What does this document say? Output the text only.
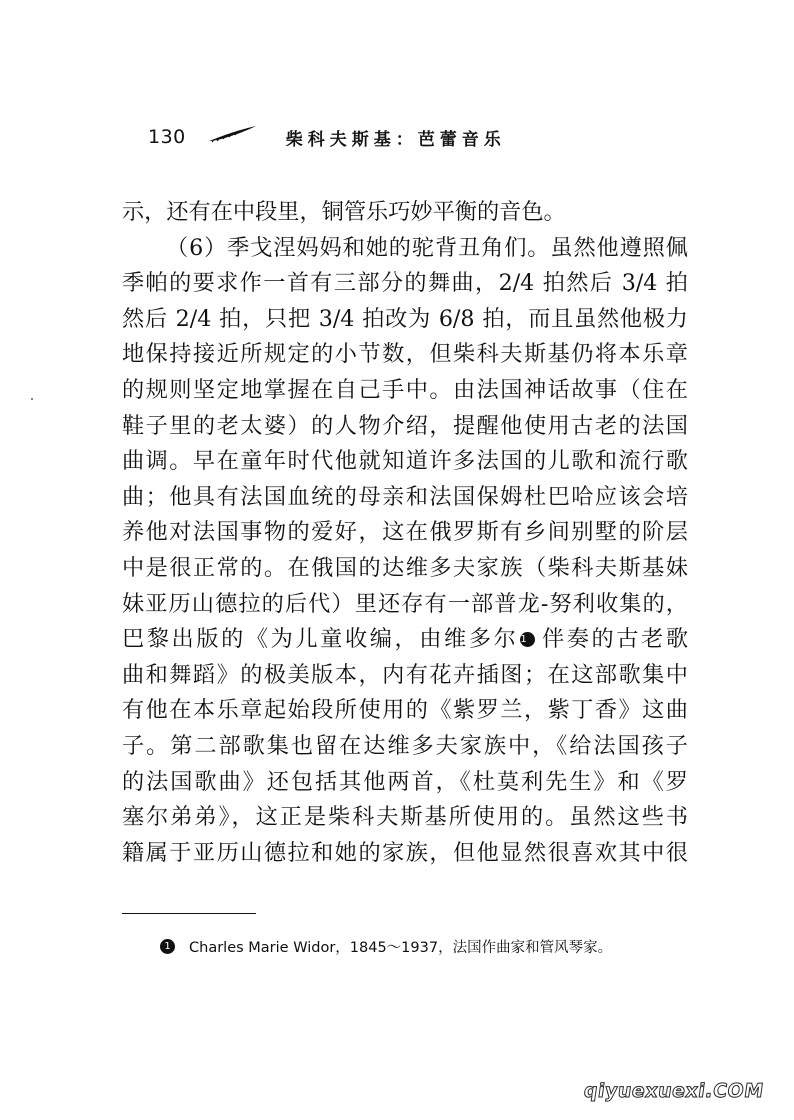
130	柴科夫斯基：芭蕾音乐

示，还有在中段里，铜管乐巧妙平衡的音色。

（6）季戈涅妈妈和她的驼背丑角们。虽然他遵照佩
季帕的要求作一首有三部分的舞曲，2/4 拍然后 3/4 拍
然后 2/4 拍，只把 3/4 拍改为 6/8 拍，而且虽然他极力
地保持接近所规定的小节数，但柴科夫斯基仍将本乐章
的规则坚定地掌握在自己手中。由法国神话故事（住在
鞋子里的老太婆）的人物介绍，提醒他使用古老的法国
曲调。早在童年时代他就知道许多法国的儿歌和流行歌
曲；他具有法国血统的母亲和法国保姆杜巴哈应该会培
养他对法国事物的爱好，这在俄罗斯有乡间别墅的阶层
中是很正常的。在俄国的达维多夫家族（柴科夫斯基妹
妹亚历山德拉的后代）里还存有一部普龙-努利收集的，
巴黎出版的《为儿童收编，由维多尔 1 伴奏的古老歌
曲和舞蹈》的极美版本，内有花卉插图；在这部歌集中
有他在本乐章起始段所使用的《紫罗兰，紫丁香》这曲
子。第二部歌集也留在达维多夫家族中，《给法国孩子
的法国歌曲》还包括其他两首，《杜莫利先生》和《罗
塞尔弟弟》，这正是柴科夫斯基所使用的。虽然这些书
籍属于亚历山德拉和她的家族，但他显然很喜欢其中很

1 Charles Marie Widor，1845～1937，法国作曲家和管风琴家。
qiyuexuexi.COM
